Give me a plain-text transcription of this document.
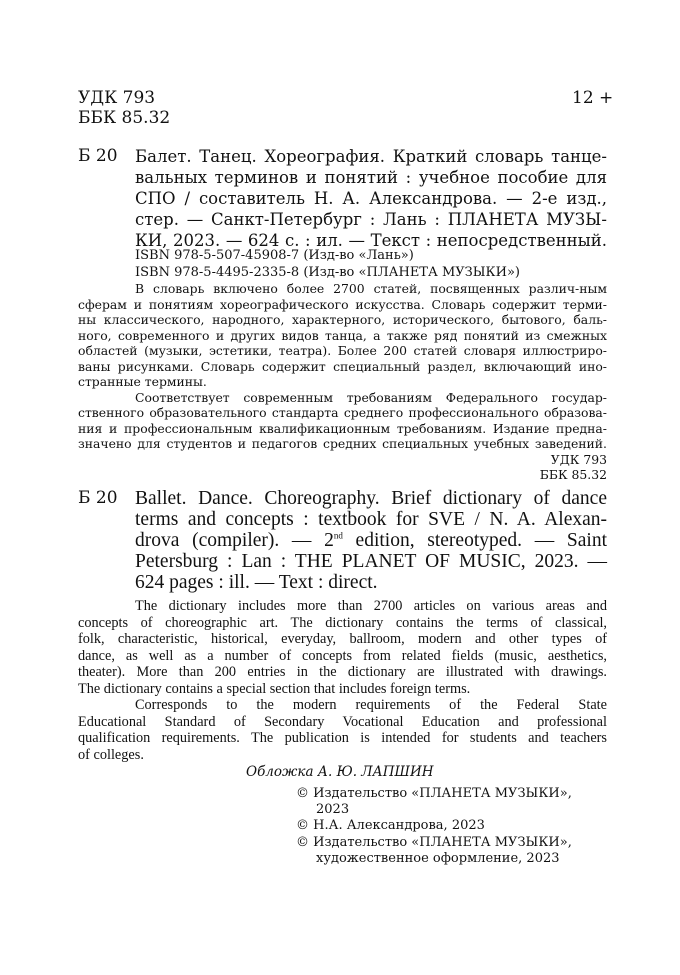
УДК 793
ББК 85.32
12 +
Б 20 Балет. Танец. Хореография. Краткий словарь танце-
вальных терминов и понятий : учебное пособие для
СПО / составитель Н. А. Александрова. — 2-е изд.,
стер. — Санкт-Петербург : Лань : ПЛАНЕТА МУЗЫ-
КИ, 2023. — 624 с. : ил. — Текст : непосредственный.
ISBN 978-5-507-45908-7 (Изд-во «Лань»)
ISBN 978-5-4495-2335-8 (Изд-во «ПЛАНЕТА МУЗЫКИ»)
В словарь включено более 2700 статей, посвященных различ-ным
сферам и понятиям хореографического искусства. Словарь содержит терми-
ны классического, народного, характерного, исторического, бытового, баль-
ного, современного и других видов танца, а также ряд понятий из смежных
областей (музыки, эстетики, театра). Более 200 статей словаря иллюстриро-
ваны рисунками. Словарь содержит специальный раздел, включающий ино-
странные термины.
Соответствует современным требованиям Федерального государ-
ственного образовательного стандарта среднего профессионального образова-
ния и профессиональным квалификационным требованиям. Издание предна-
значено для студентов и педагогов средних специальных учебных заведений.
УДК 793
ББК 85.32
Б 20 Ballet. Dance. Choreography. Brief dictionary of dance
terms and concepts : textbook for SVE / N. A. Alexan-
drova (compiler). — 2nd edition, stereotyped. — Saint
Petersburg : Lan : THE PLANET OF MUSIC, 2023. —
624 pages : ill. — Text : direct.
The dictionary includes more than 2700 articles on various areas and
concepts of choreographic art. The dictionary contains the terms of classical,
folk, characteristic, historical, everyday, ballroom, modern and other types of
dance, as well as a number of concepts from related fields (music, aesthetics,
theater). More than 200 entries in the dictionary are illustrated with drawings.
The dictionary contains a special section that includes foreign terms.
Corresponds to the modern requirements of the Federal State
Educational Standard of Secondary Vocational Education and professional
qualification requirements. The publication is intended for students and teachers
of colleges.
Обложка А. Ю. ЛАПШИН
© Издательство «ПЛАНЕТА МУЗЫКИ»,
2023
© Н.А. Александрова, 2023
© Издательство «ПЛАНЕТА МУЗЫКИ»,
художественное оформление, 2023
